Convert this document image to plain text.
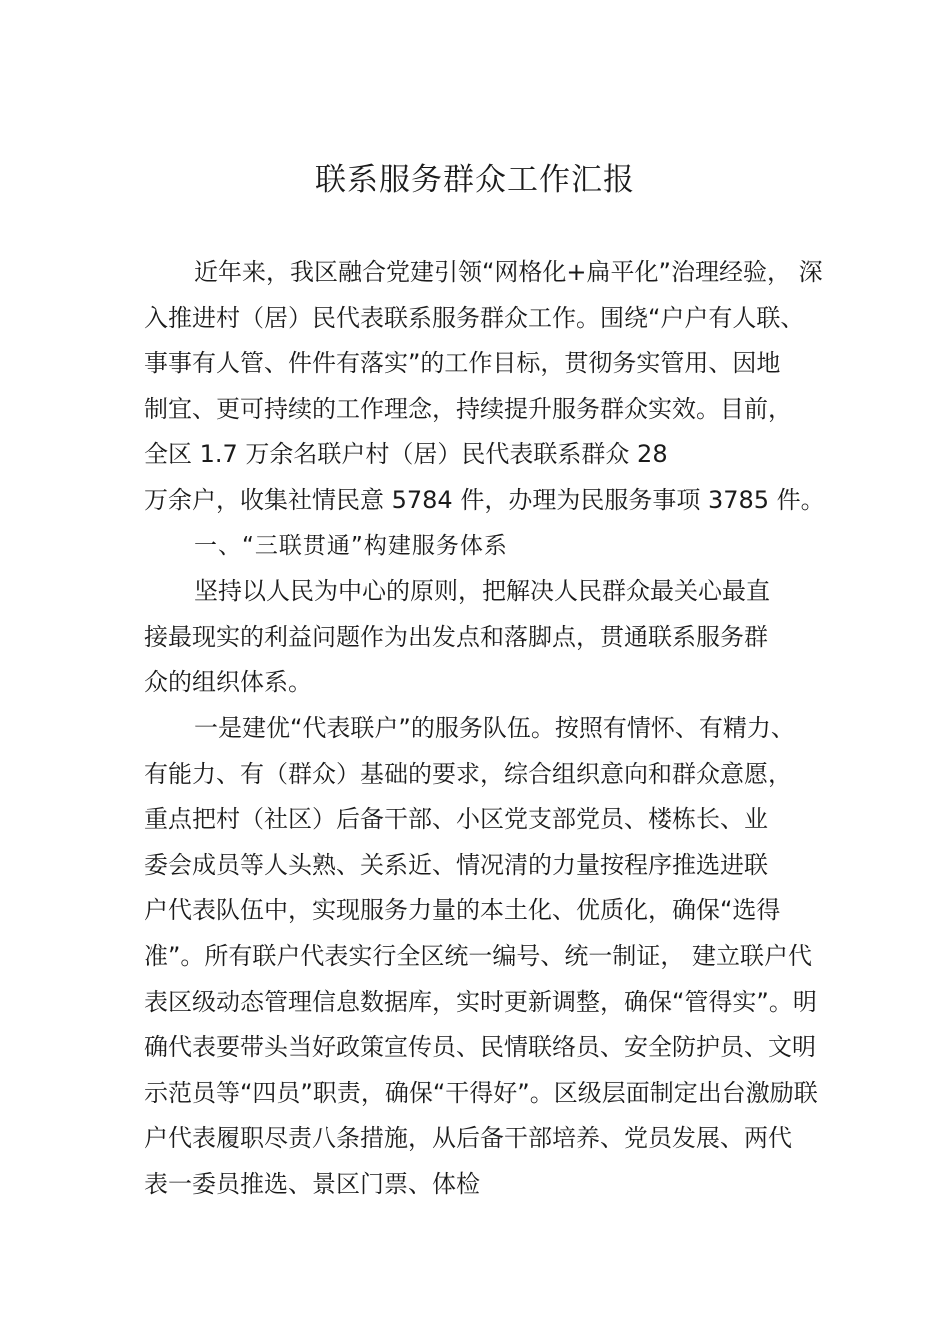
联系服务群众工作汇报
近年来，我区融合党建引领“网格化+扁平化”治理经验， 深
入推进村（居）民代表联系服务群众工作。围绕“户户有人联、
事事有人管、件件有落实”的工作目标，贯彻务实管用、因地
制宜、更可持续的工作理念，持续提升服务群众实效。目前，
全区 1.7 万余名联户村（居）民代表联系群众 28
万余户，收集社情民意 5784 件，办理为民服务事项 3785 件。
一、“三联贯通”构建服务体系
坚持以人民为中心的原则，把解决人民群众最关心最直
接最现实的利益问题作为出发点和落脚点，贯通联系服务群
众的组织体系。
一是建优“代表联户”的服务队伍。按照有情怀、有精力、
有能力、有（群众）基础的要求，综合组织意向和群众意愿，
重点把村（社区）后备干部、小区党支部党员、楼栋长、业
委会成员等人头熟、关系近、情况清的力量按程序推选进联
户代表队伍中，实现服务力量的本土化、优质化，确保“选得
准”。所有联户代表实行全区统一编号、统一制证， 建立联户代
表区级动态管理信息数据库，实时更新调整，确保“管得实”。明
确代表要带头当好政策宣传员、民情联络员、安全防护员、文明
示范员等“四员”职责，确保“干得好”。区级层面制定出台激励联
户代表履职尽责八条措施，从后备干部培养、党员发展、两代
表一委员推选、景区门票、体检
